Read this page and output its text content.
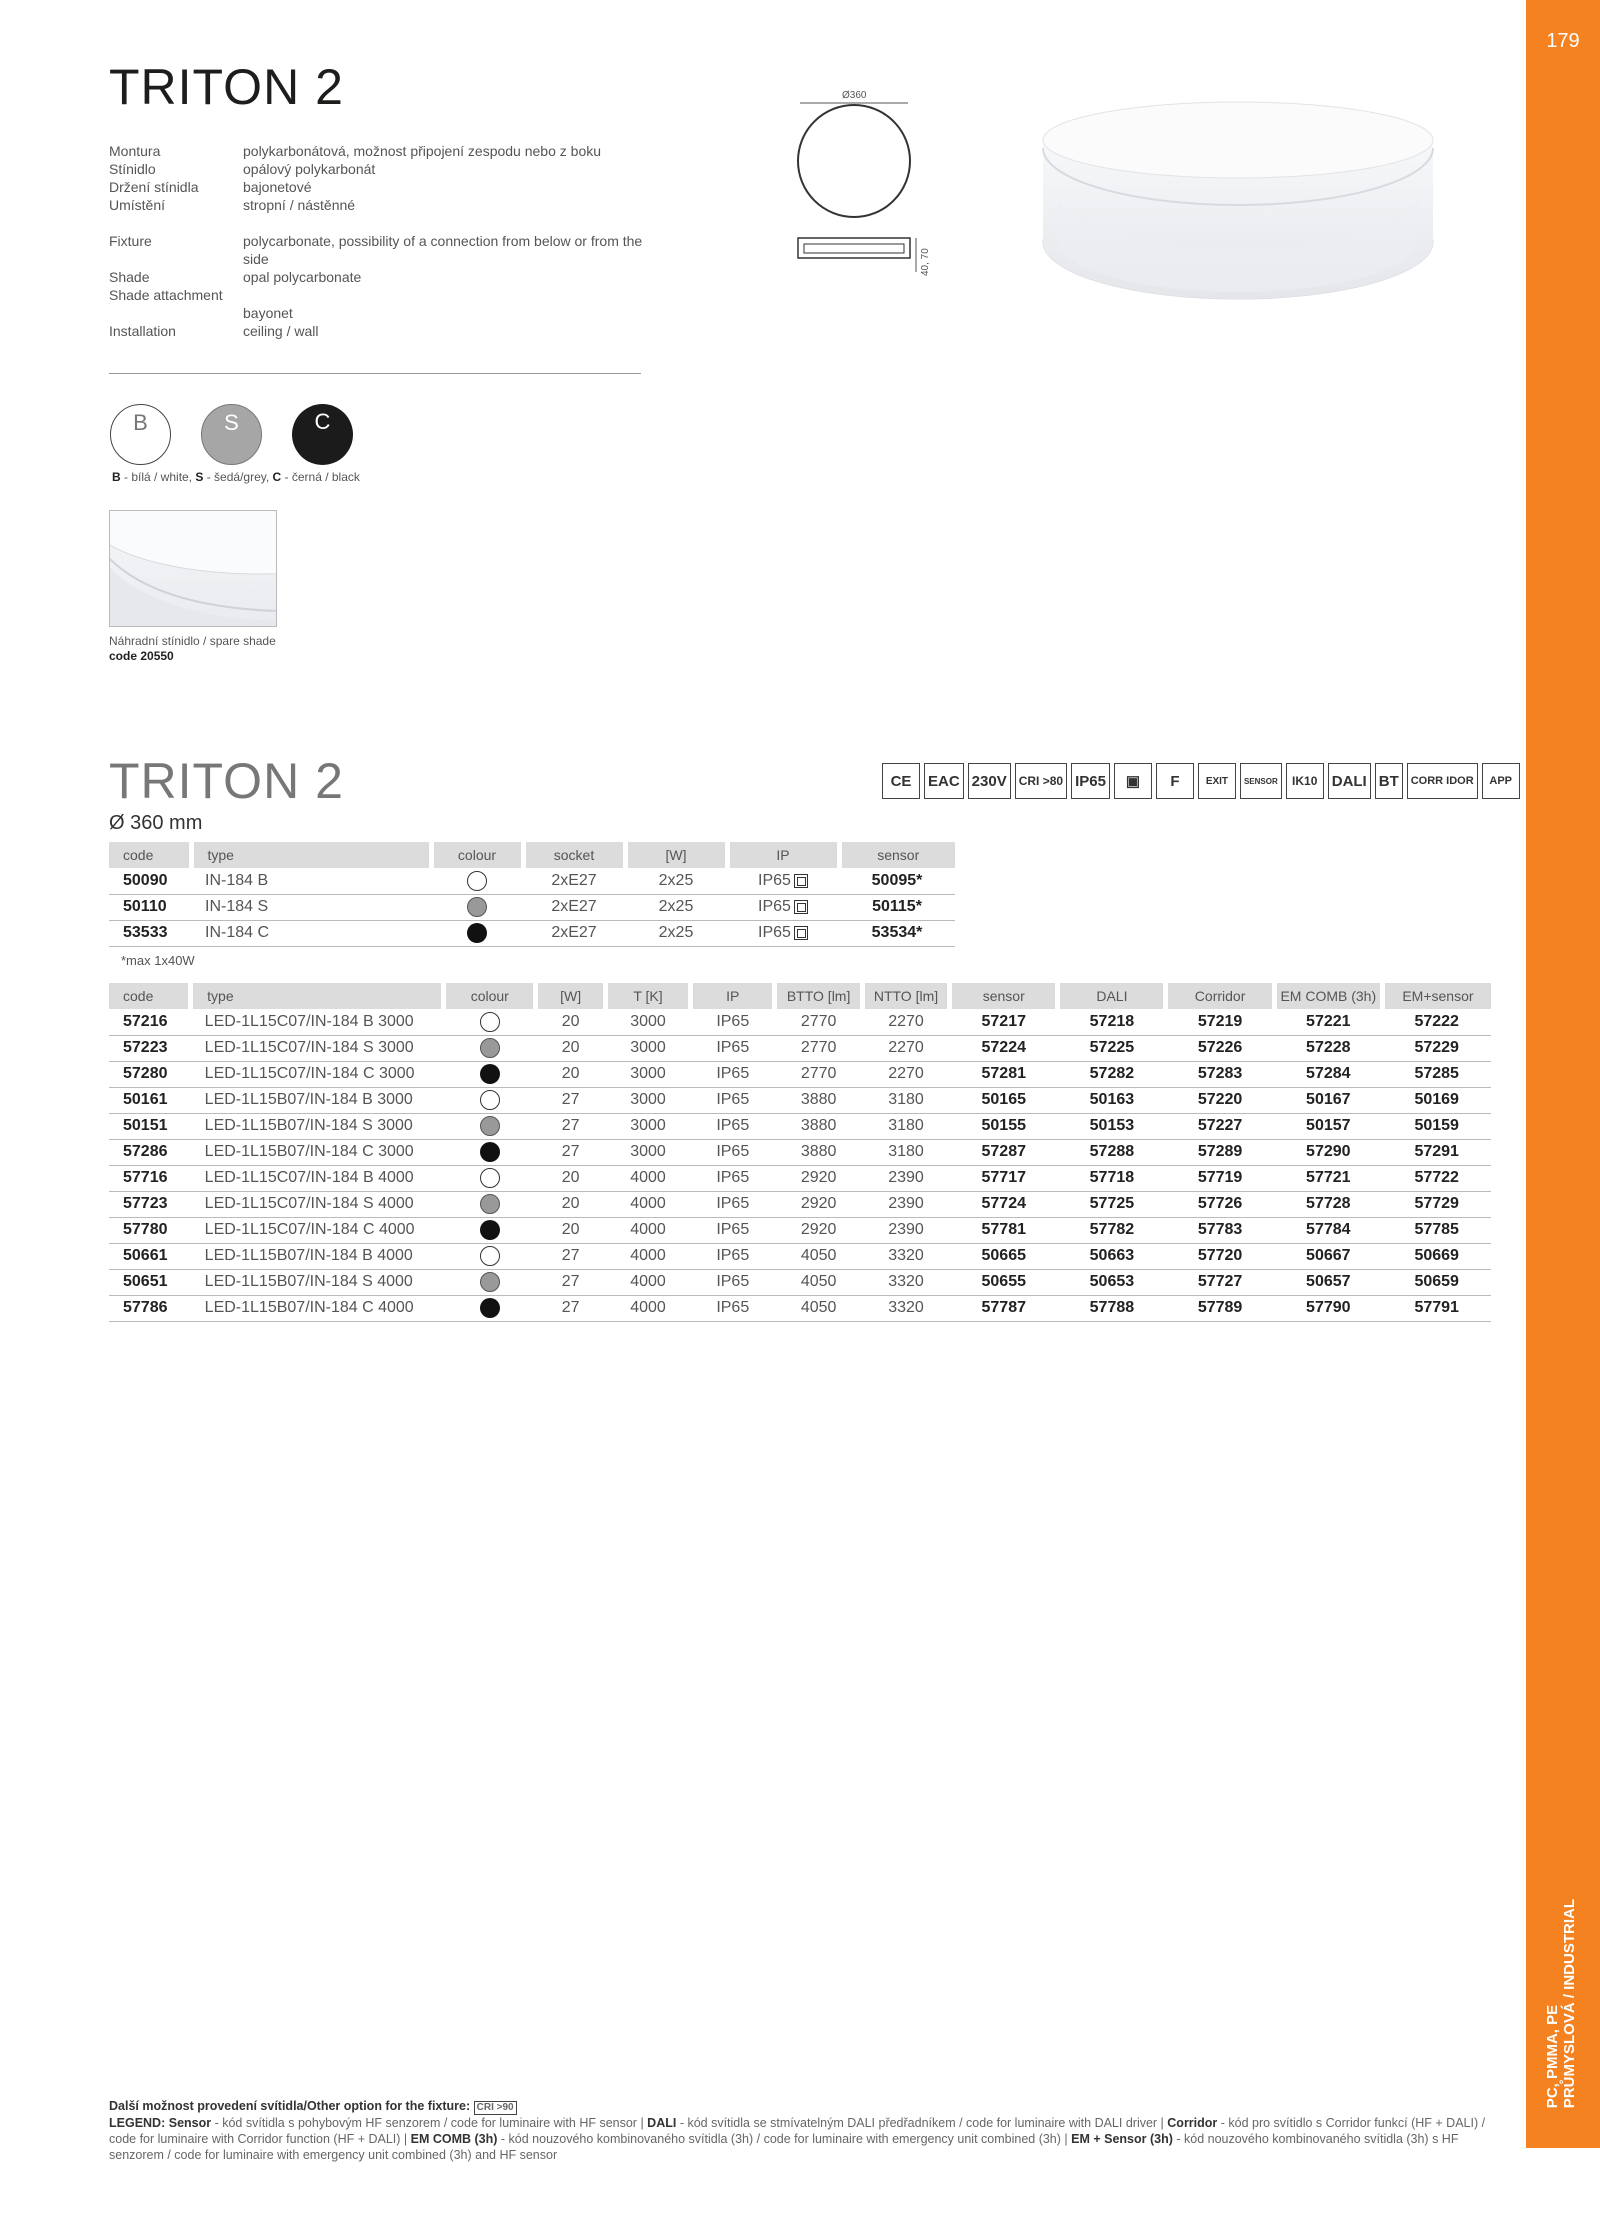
179
PC, PMMA, PE PRŮMYSLOVÁ / INDUSTRIAL
TRITON 2
Montura	polykarbonátová, možnost připojení zespodu nebo z boku
Stínidlo	opálový polykarbonát
Držení stínidla	bajonetové
Umístění	stropní / nástěnné
Fixture	polycarbonate, possibility of a connection from below or from the side
Shade	opal polycarbonate
Shade attachment
bayonet
Installation	ceiling / wall
B	S	C
B - bílá / white, S - šedá/grey, C - černá / black
Náhradní stínidlo / spare shade
code 20550
Ø360
40, 70
TRITON 2
Ø 360 mm
CE	EAC 230V	CRI >80 IP65	▣	F	EXIT	SENSOR	IK10 DALI BT	CORR IDOR	APP
code	type	colour	socket	[W]	IP	sensor
50090	IN-184 B		2xE27	2x25	IP65	50095*
50110	IN-184 S		2xE27	2x25	IP65	50115*
53533	IN-184 C		2xE27	2x25	IP65	53534*
*max 1x40W
code	type	colour	[W]	T [K]	IP	BTTO [lm]	NTTO [lm]	sensor	DALI	Corridor	EM COMB (3h)	EM+sensor
57216	LED-1L15C07/IN-184 B 3000		20	3000	IP65	2770	2270	57217	57218	57219	57221	57222
57223	LED-1L15C07/IN-184 S 3000		20	3000	IP65	2770	2270	57224	57225	57226	57228	57229
57280	LED-1L15C07/IN-184 C 3000		20	3000	IP65	2770	2270	57281	57282	57283	57284	57285
50161	LED-1L15B07/IN-184 B 3000		27	3000	IP65	3880	3180	50165	50163	57220	50167	50169
50151	LED-1L15B07/IN-184 S 3000		27	3000	IP65	3880	3180	50155	50153	57227	50157	50159
57286	LED-1L15B07/IN-184 C 3000		27	3000	IP65	3880	3180	57287	57288	57289	57290	57291
57716	LED-1L15C07/IN-184 B 4000		20	4000	IP65	2920	2390	57717	57718	57719	57721	57722
57723	LED-1L15C07/IN-184 S 4000		20	4000	IP65	2920	2390	57724	57725	57726	57728	57729
57780	LED-1L15C07/IN-184 C 4000		20	4000	IP65	2920	2390	57781	57782	57783	57784	57785
50661	LED-1L15B07/IN-184 B 4000		27	4000	IP65	4050	3320	50665	50663	57720	50667	50669
50651	LED-1L15B07/IN-184 S 4000		27	4000	IP65	4050	3320	50655	50653	57727	50657	50659
57786	LED-1L15B07/IN-184 C 4000		27	4000	IP65	4050	3320	57787	57788	57789	57790	57791
Další možnost provedení svítidla/Other option for the fixture: CRI >90
LEGEND: Sensor - kód svítidla s pohybovým HF senzorem / code for luminaire with HF sensor | DALI - kód svítidla se stmívatelným DALI předřadníkem / code for luminaire with DALI driver | Corridor - kód pro svítidlo s Corridor funkcí (HF + DALI) / code for luminaire with Corridor function (HF + DALI) | EM COMB (3h) - kód nouzového kombinovaného svítidla (3h) / code for luminaire with emergency unit combined (3h) | EM + Sensor (3h) - kód nouzového kombinovaného svítidla (3h) s HF senzorem / code for luminaire with emergency unit combined (3h) and HF sensor
